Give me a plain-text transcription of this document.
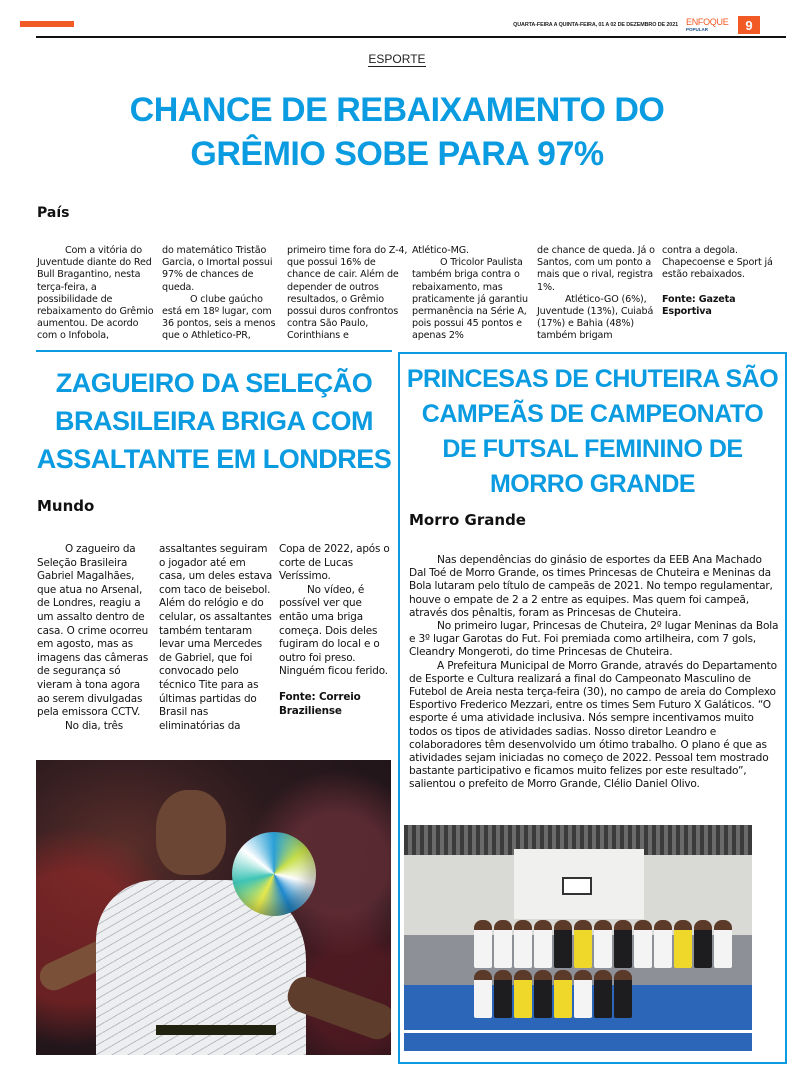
QUARTA-FEIRA A QUINTA-FEIRA, 01 A 02 DE DEZEMBRO DE 2021 ENFOQUE
POPULAR	9
ESPORTE
CHANCE DE REBAIXAMENTO DO GRÊMIO SOBE PARA 97%
País

Com a vitória do Juventude diante do Red Bull Bragantino, nesta terça-feira, a possibilidade de rebaixamento do Grêmio aumentou. De acordo com o Infobola,

do matemático Tristão Garcia, o Imortal possui 97% de chances de queda.

O clube gaúcho está em 18º lugar, com 36 pontos, seis a menos que o Athletico-PR,

primeiro time fora do Z-4, que possui 16% de chance de cair. Além de depender de outros resultados, o Grêmio possui duros confrontos contra São Paulo, Corinthians e

Atlético-MG.

O Tricolor Paulista também briga contra o rebaixamento, mas praticamente já garantiu permanência na Série A, pois possui 45 pontos e apenas 2%

de chance de queda. Já o Santos, com um ponto a mais que o rival, registra 1%.

Atlético-GO (6%), Juventude (13%), Cuiabá (17%) e Bahia (48%) também brigam

contra a degola. Chapecoense e Sport já estão rebaixados.

Fonte: Gazeta Esportiva

ZAGUEIRO DA SELEÇÃO BRASILEIRA BRIGA COM ASSALTANTE EM LONDRES
Mundo

O zagueiro da Seleção Brasileira Gabriel Magalhães, que atua no Arsenal, de Londres, reagiu a um assalto dentro de casa. O crime ocorreu em agosto, mas as imagens das câmeras de segurança só vieram à tona agora ao serem divulgadas pela emissora CCTV.

No dia, três

assaltantes seguiram o jogador até em casa, um deles estava com taco de beisebol. Além do relógio e do celular, os assaltantes também tentaram levar uma Mercedes de Gabriel, que foi convocado pelo técnico Tite para as últimas partidas do Brasil nas eliminatórias da

Copa de 2022, após o corte de Lucas Veríssimo.

No vídeo, é possível ver que então uma briga começa. Dois deles fugiram do local e o outro foi preso. Ninguém ficou ferido.

Fonte: Correio Braziliense

PRINCESAS DE CHUTEIRA SÃO CAMPEÃS DE CAMPEONATO DE FUTSAL FEMININO DE MORRO GRANDE
Morro Grande

Nas dependências do ginásio de esportes da EEB Ana Machado Dal Toé de Morro Grande, os times Princesas de Chuteira e Meninas da Bola lutaram pelo título de campeãs de 2021. No tempo regulamentar, houve o empate de 2 a 2 entre as equipes. Mas quem foi campeã, através dos pênaltis, foram as Princesas de Chuteira.

No primeiro lugar, Princesas de Chuteira, 2º lugar Meninas da Bola e 3º lugar Garotas do Fut. Foi premiada como artilheira, com 7 gols, Cleandry Mongeroti, do time Princesas de Chuteira.

A Prefeitura Municipal de Morro Grande, através do Departamento de Esporte e Cultura realizará a final do Campeonato Masculino de Futebol de Areia nesta terça-feira (30), no campo de areia do Complexo Esportivo Frederico Mezzari, entre os times Sem Futuro X Galáticos. “O esporte é uma atividade inclusiva. Nós sempre incentivamos muito todos os tipos de atividades sadias. Nosso diretor Leandro e colaboradores têm desenvolvido um ótimo trabalho. O plano é que as atividades sejam iniciadas no começo de 2022. Pessoal tem mostrado bastante participativo e ficamos muito felizes por este resultado”, salientou o prefeito de Morro Grande, Clélio Daniel Olivo.
